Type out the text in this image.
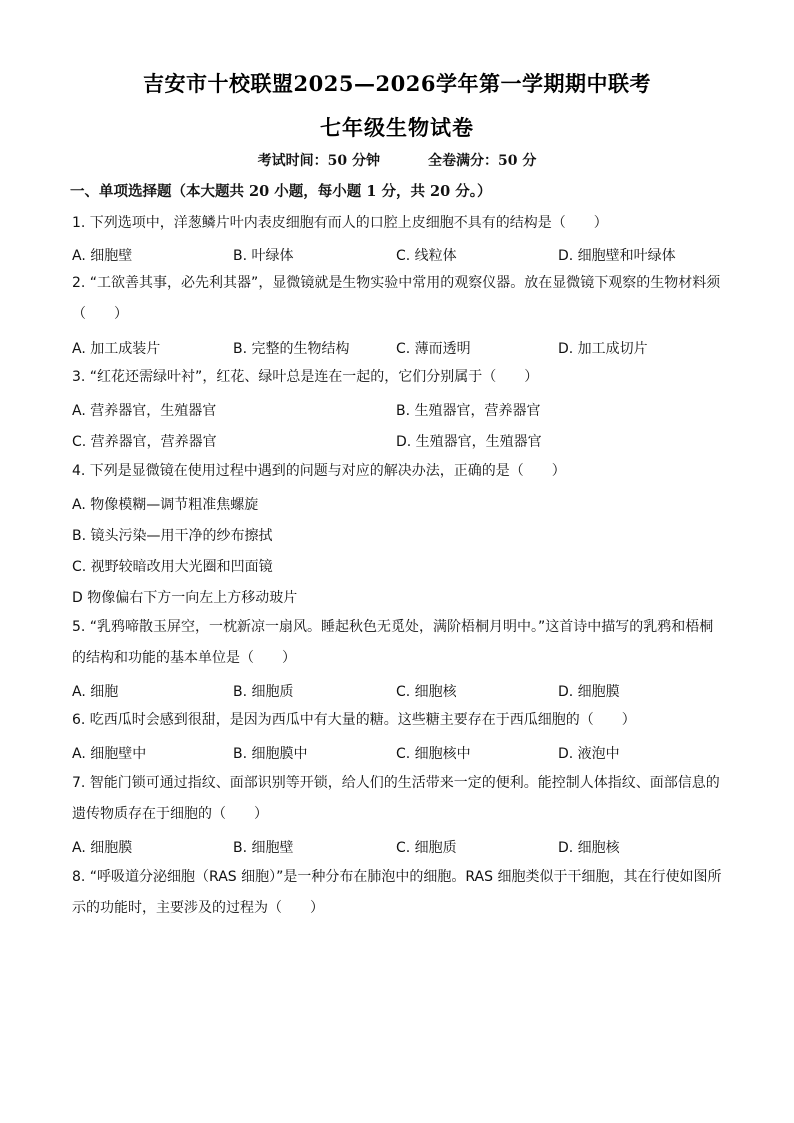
吉安市十校联盟2025—2026学年第一学期期中联考
七年级生物试卷
考试时间：50 分钟	全卷满分：50 分
一、单项选择题（本大题共 20 小题，每小题 1 分，共 20 分。）
1. 下列选项中，洋葱鳞片叶内表皮细胞有而人的口腔上皮细胞不具有的结构是（　　）
A. 细胞壁	B. 叶绿体	C. 线粒体	D. 细胞壁和叶绿体
2. “工欲善其事，必先利其器”，显微镜就是生物实验中常用的观察仪器。放在显微镜下观察的生物材料须（　　）
A. 加工成装片	B. 完整的生物结构	C. 薄而透明	D. 加工成切片
3. “红花还需绿叶衬”，红花、绿叶总是连在一起的，它们分别属于（　　）
A. 营养器官，生殖器官	B. 生殖器官，营养器官
C. 营养器官，营养器官	D. 生殖器官，生殖器官
4. 下列是显微镜在使用过程中遇到的问题与对应的解决办法，正确的是（　　）
A. 物像模糊—调节粗准焦螺旋
B. 镜头污染—用干净的纱布擦拭
C. 视野较暗改用大光圈和凹面镜
D 物像偏右下方一向左上方移动玻片
5. “乳鸦啼散玉屏空，一枕新凉一扇风。睡起秋色无觅处，满阶梧桐月明中。”这首诗中描写的乳鸦和梧桐的结构和功能的基本单位是（　　）
A. 细胞	B. 细胞质	C. 细胞核	D. 细胞膜
6. 吃西瓜时会感到很甜，是因为西瓜中有大量的糖。这些糖主要存在于西瓜细胞的（　　）
A. 细胞壁中	B. 细胞膜中	C. 细胞核中	D. 液泡中
7. 智能门锁可通过指纹、面部识别等开锁，给人们的生活带来一定的便利。能控制人体指纹、面部信息的遗传物质存在于细胞的（　　）
A. 细胞膜	B. 细胞壁	C. 细胞质	D. 细胞核
8. “呼吸道分泌细胞（RAS 细胞）”是一种分布在肺泡中的细胞。RAS 细胞类似于干细胞，其在行使如图所示的功能时，主要涉及的过程为（　　）
